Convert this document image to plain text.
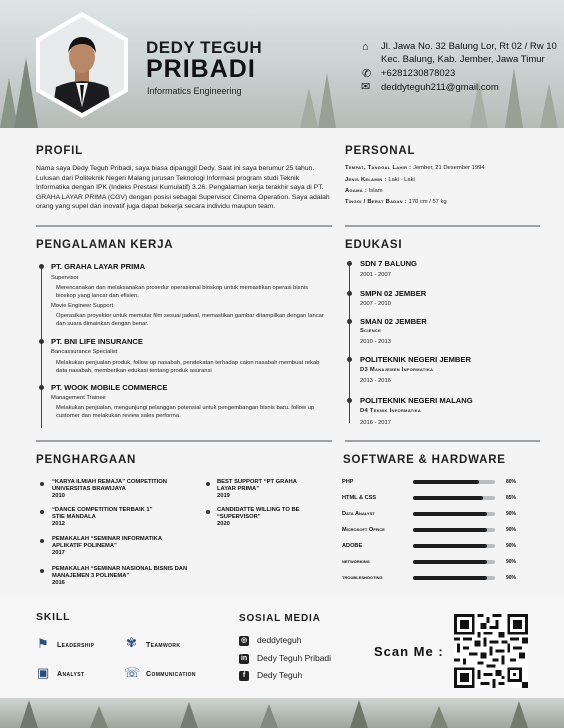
DEDY TEGUH
PRIBADI
Informatics Engineering
⌂ Jl. Jawa No. 32 Balung Lor, Rt 02 / Rw 10
Kec. Balung, Kab. Jember, Jawa Timur
✆ +6281230878023
✉ deddyteguh211@gmail.com
PROFIL
Nama saya Dedy Teguh Pribadi, saya biasa dipanggil Dedy. Saat ini saya berumur 25 tahun. Lulusan dari Politeknik Negeri Malang jurusan Teknologi Informasi program studi Teknik Informatika dengan IPK (Indeks Prestasi Kumulatif) 3.26. Pengalaman kerja terakhir saya di PT. GRAHA LAYAR PRIMA (CGV) dengan posisi sebagai Supervisor Cinema Operation. Saya adalah orang yang supel dan inovatif juga dapat bekerja secara individu maupun team.
PERSONAL
Tempat, Tanggal Lahir : Jember, 21 Desember 1994
Jenis Kelamin : Laki - Laki
Agama : Islam
Tinggi / Berat Badan : 170 cm / 57 kg
PENGALAMAN KERJA
PT. GRAHA LAYAR PRIMA
Supervisor
Merencanakan dan melaksanakan prosedur operasional bioskop untuk memastikan operasi bisnis bioskop yang lancar dan efisien.
Movie Engineer Support
Operasikan proyektor untuk memutar film sesuai jadwal, memastikan gambar ditampilkan dengan lancar dan suara dimainkan dengan benar.
PT. BNI LIFE INSURANCE
Bancassurance Specialist
Melakukan penjualan produk, follow up nasabah, pendekatan terhadap calon nasabah membuat rekab data nasabah, memberikan edukasi tentang produk asuransi
PT. WOOK MOBILE COMMERCE
Management Trainee
Melakukan penjualan, mengunjungi pelanggan potensial untuk pengembangan bisnis baru. follow up customer dan melakukan review sales performa.
EDUKASI
SDN 7 BALUNG
2001 - 2007
SMPN 02 JEMBER
2007 - 2010
SMAN 02 JEMBER
Science
2010 - 2013
POLITEKNIK NEGERI JEMBER
D3 Manajemen Informatika
2013 - 2016
POLITEKNIK NEGERI MALANG
D4 Teknik Informatika
2016 - 2017
PENGHARGAAN
“KARYA ILMIAH REMAJA” COMPETITION
UNIVERSITAS BRAWIJAYA
2010
“DANCE COMPETITION TERBAIK 1”
STIE MANDALA
2012
PEMAKALAH “SEMINAR INFORMATIKA
APLIKATIF POLINEMA”
2017
PEMAKALAH “SEMINAR NASIONAL BISNIS DAN
MANAJEMEN 3 POLINEMA”
2016
BEST SUPPORT “PT GRAHA
LAYAR PRIMA”
2019
CANDIDATTE WILLING TO BE
“SUPERVISOR”
2020
SOFTWARE & HARDWARE
PHP	80%
HTML & CSS	85%
Data Analyst	90%
Microsoft Office	90%
ADOBE	90%
networking	90%
troubleshooting	90%
SKILL
⚑ Leadership ✾ Teamwork
▣ Analyst	☏ Communication
SOSIAL MEDIA
◎ deddyteguh
in Dedy Teguh Pribadi
f	Dedy Teguh
Scan Me :
